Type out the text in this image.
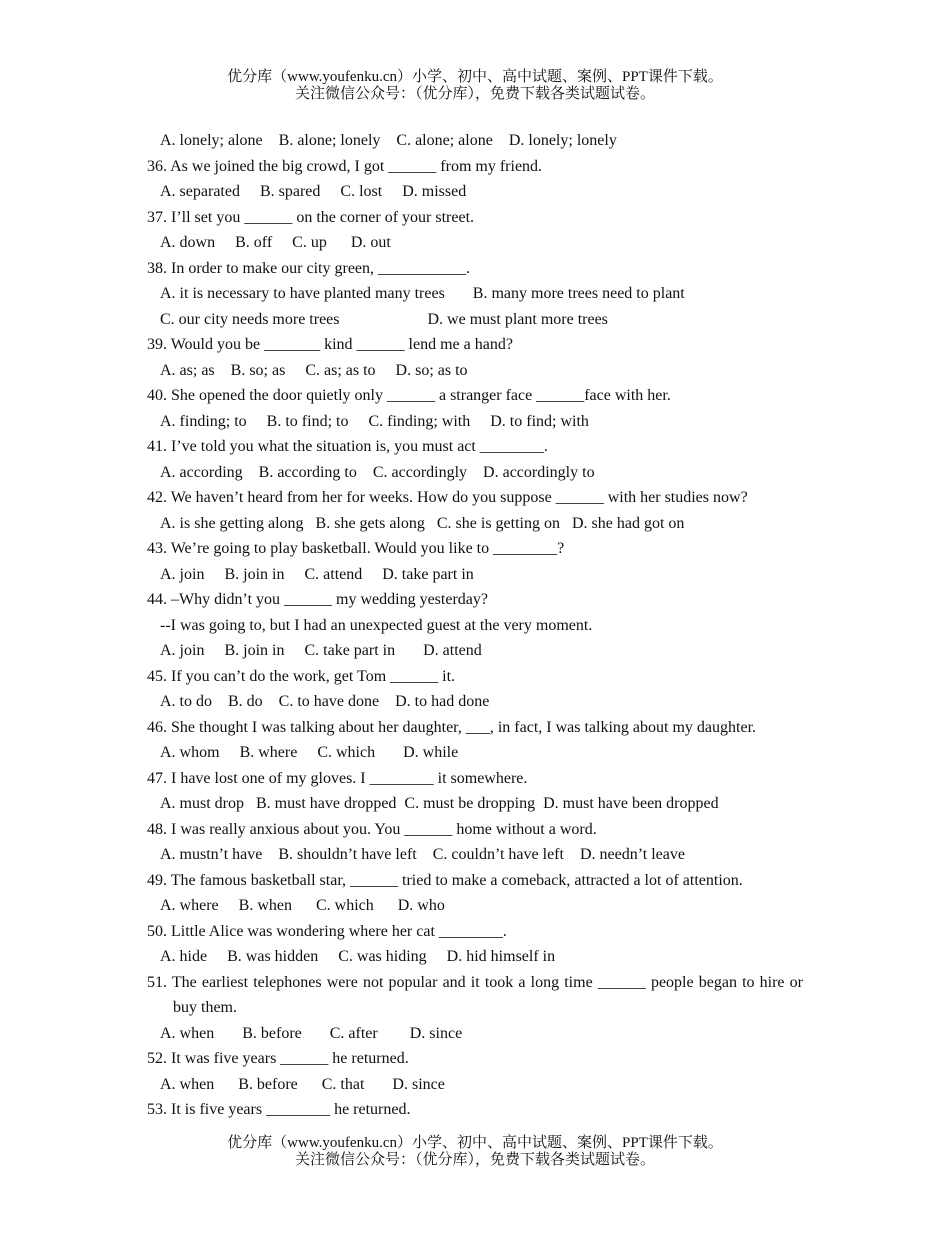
优分库（www.youfenku.cn）小学、初中、高中试题、案例、PPT课件下载。
关注微信公众号：（优分库），免费下载各类试题试卷。
A. lonely; alone    B. alone; lonely    C. alone; alone    D. lonely; lonely
36. As we joined the big crowd, I got ______ from my friend.
A. separated     B. spared     C. lost     D. missed
37. I’ll set you ______ on the corner of your street.
A. down     B. off     C. up      D. out
38. In order to make our city green, ___________.
A. it is necessary to have planted many trees       B. many more trees need to plant
C. our city needs more trees                      D. we must plant more trees
39. Would you be _______ kind ______ lend me a hand?
A. as; as    B. so; as     C. as; as to     D. so; as to
40. She opened the door quietly only ______ a stranger face ______face with her.
A. finding; to     B. to find; to     C. finding; with     D. to find; with
41. I’ve told you what the situation is, you must act ________.
A. according    B. according to    C. accordingly    D. accordingly to
42. We haven’t heard from her for weeks. How do you suppose ______ with her studies now?
A. is she getting along   B. she gets along   C. she is getting on   D. she had got on
43. We’re going to play basketball. Would you like to ________?
A. join     B. join in     C. attend     D. take part in
44. –Why didn’t you ______ my wedding yesterday?
--I was going to, but I had an unexpected guest at the very moment.
A. join     B. join in     C. take part in       D. attend
45. If you can’t do the work, get Tom ______ it.
A. to do    B. do    C. to have done    D. to had done
46. She thought I was talking about her daughter, ___, in fact, I was talking about my daughter.
A. whom     B. where     C. which       D. while
47. I have lost one of my gloves. I ________ it somewhere.
A. must drop   B. must have dropped  C. must be dropping  D. must have been dropped
48. I was really anxious about you. You ______ home without a word.
A. mustn’t have    B. shouldn’t have left    C. couldn’t have left    D. needn’t leave
49. The famous basketball star, ______ tried to make a comeback, attracted a lot of attention.
A. where     B. when      C. which      D. who
50. Little Alice was wondering where her cat ________.
A. hide     B. was hidden     C. was hiding     D. hid himself in
51. The earliest telephones were not popular and it took a long time ______ people began to hire or buy them.
A. when       B. before       C. after        D. since
52. It was five years ______ he returned.
A. when      B. before      C. that       D. since
53. It is five years ________ he returned.
优分库（www.youfenku.cn）小学、初中、高中试题、案例、PPT课件下载。
关注微信公众号：（优分库），免费下载各类试题试卷。
